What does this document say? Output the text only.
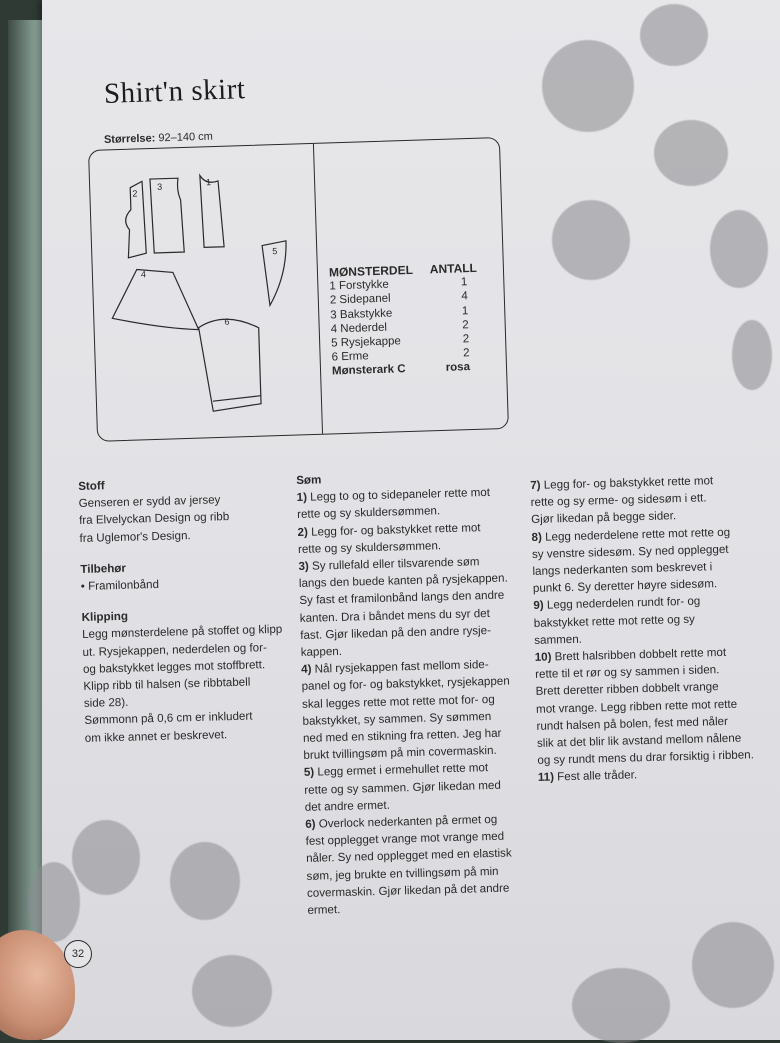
Shirt'n skirt
Størrelse: 92–140 cm
2
3	1
5
4
6
MØNSTERDEL ANTALL
1 Forstykke	1
2 Sidepanel	4
3 Bakstykke	1
4 Nederdel	2
5 Rysjekappe	2
6 Erme	2
Mønsterark C	rosa
Stoff

Genseren er sydd av jersey

fra Elvelyckan Design og ribb

fra Uglemor's Design.

Tilbehør

• Framilonbånd

Klipping

Legg mønsterdelene på stoffet og klipp

ut. Rysjekappen, nederdelen og for-

og bakstykket legges mot stoffbrett.

Klipp ribb til halsen (se ribbtabell

side 28).

Sømmonn på 0,6 cm er inkludert

om ikke annet er beskrevet.

Søm

1) Legg to og to sidepaneler rette mot

rette og sy skuldersømmen.

2) Legg for- og bakstykket rette mot

rette og sy skuldersømmen.

3) Sy rullefald eller tilsvarende søm

langs den buede kanten på rysjekappen.

Sy fast et framilonbånd langs den andre

kanten. Dra i båndet mens du syr det

fast. Gjør likedan på den andre rysje-

kappen.

4) Nål rysjekappen fast mellom side-

panel og for- og bakstykket, rysjekappen

skal legges rette mot rette mot for- og

bakstykket, sy sammen. Sy sømmen

ned med en stikning fra retten. Jeg har

brukt tvillingsøm på min covermaskin.

5) Legg ermet i ermehullet rette mot

rette og sy sammen. Gjør likedan med

det andre ermet.

6) Overlock nederkanten på ermet og

fest opplegget vrange mot vrange med

nåler. Sy ned opplegget med en elastisk

søm, jeg brukte en tvillingsøm på min

covermaskin. Gjør likedan på det andre

ermet.

7) Legg for- og bakstykket rette mot

rette og sy erme- og sidesøm i ett.

Gjør likedan på begge sider.

8) Legg nederdelene rette mot rette og

sy venstre sidesøm. Sy ned opplegget

langs nederkanten som beskrevet i

punkt 6. Sy deretter høyre sidesøm.

9) Legg nederdelen rundt for- og

bakstykket rette mot rette og sy

sammen.

10) Brett halsribben dobbelt rette mot

rette til et rør og sy sammen i siden.

Brett deretter ribben dobbelt vrange

mot vrange. Legg ribben rette mot rette

rundt halsen på bolen, fest med nåler

slik at det blir lik avstand mellom nålene

og sy rundt mens du drar forsiktig i ribben.

11) Fest alle tråder.

32
